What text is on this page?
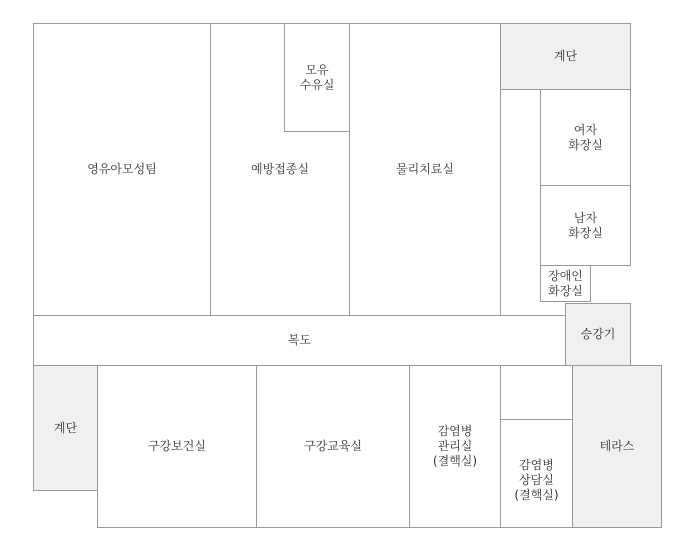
영유아모성팀	예방접종실
모유
수유실
물리치료실
계단
여자
화장실
남자
화장실
장애인
화장실
승강기
복도
계단
구강보건실	구강교육실
감염병
관리실
(결핵실)	감염병
상담실
(결핵실)
테라스
